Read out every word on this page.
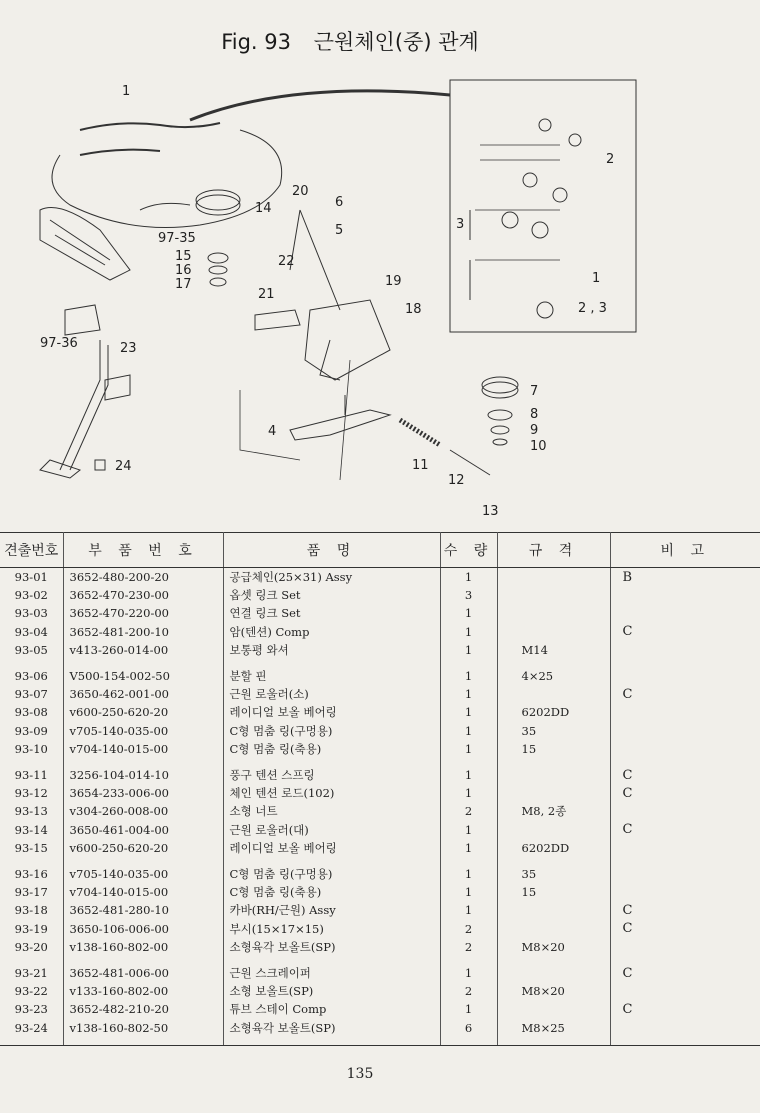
Fig. 93 근원체인(중) 관계
1
14
97-35
15
16
17
97-36	23
24
20
6
5
22
19
21
18
4
11
12
13
7
8
9
10
2
3
1
2 , 3
견출번호	부 품 번 호	품 명	수 량	규 격	비 고
93-01	3652-480-200-20	공급체인(25×31) Assy	1		B
93-02	3652-470-230-00	옵셋 링크 Set	3		
93-03	3652-470-220-00	연결 링크 Set	1		
93-04	3652-481-200-10	암(텐션) Comp	1		C
93-05	v413-260-014-00	보통평 와셔	1	M14	
93-06	V500-154-002-50	분할 핀	1	4×25	
93-07	3650-462-001-00	근원 로울러(소)	1		C
93-08	v600-250-620-20	레이디얼 보올 베어링	1	6202DD	
93-09	v705-140-035-00	C형 멈춤 링(구멍용)	1	35	
93-10	v704-140-015-00	C형 멈춤 링(축용)	1	15	
93-11	3256-104-014-10	풍구 텐션 스프링	1		C
93-12	3654-233-006-00	체인 텐션 로드(102)	1		C
93-13	v304-260-008-00	소형 너트	2	M8, 2종	
93-14	3650-461-004-00	근원 로울러(대)	1		C
93-15	v600-250-620-20	레이디얼 보올 베어링	1	6202DD	
93-16	v705-140-035-00	C형 멈춤 링(구멍용)	1	35	
93-17	v704-140-015-00	C형 멈춤 링(축용)	1	15	
93-18	3652-481-280-10	카바(RH/근원) Assy	1		C
93-19	3650-106-006-00	부시(15×17×15)	2		C
93-20	v138-160-802-00	소형육각 보올트(SP)	2	M8×20	
93-21	3652-481-006-00	근원 스크레이퍼	1		C
93-22	v133-160-802-00	소형 보올트(SP)	2	M8×20	
93-23	3652-482-210-20	튜브 스테이 Comp	1		C
93-24	v138-160-802-50	소형육각 보올트(SP)	6	M8×25	
135
